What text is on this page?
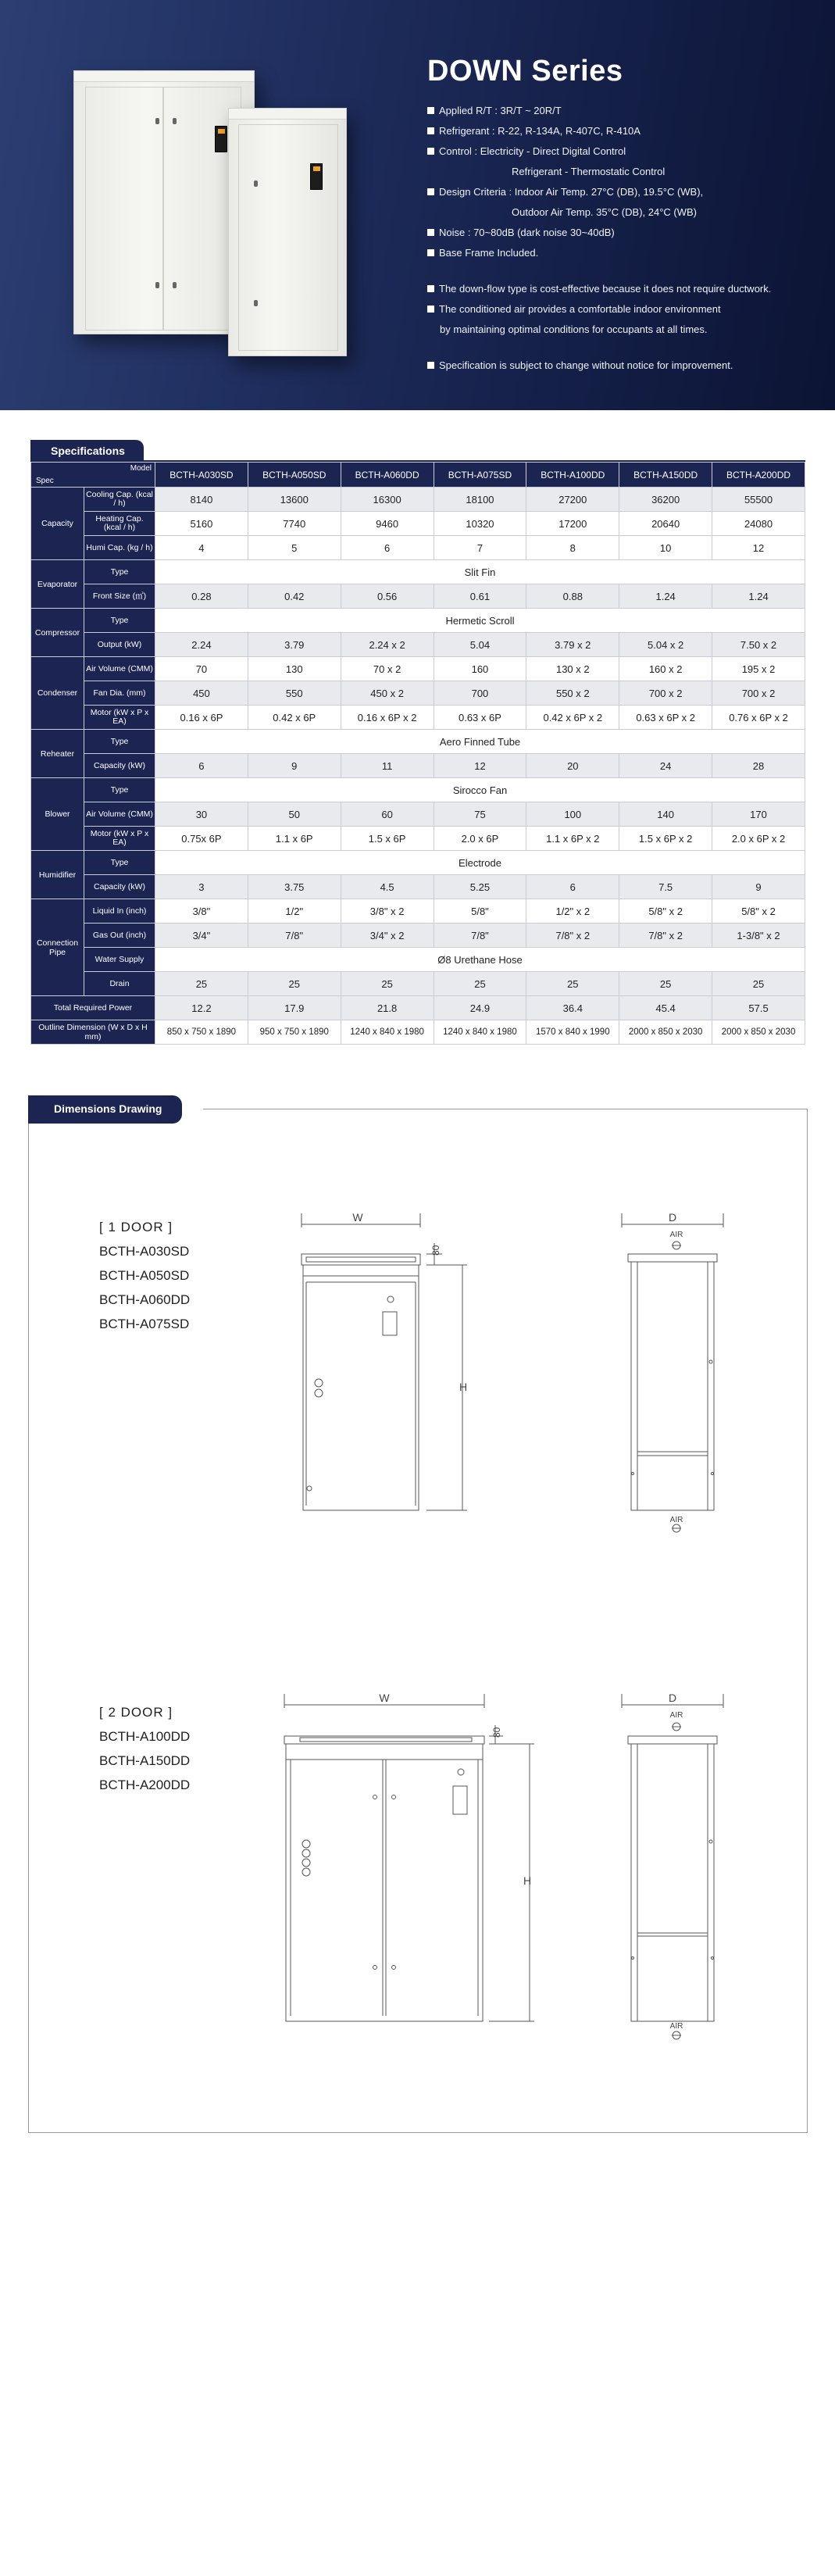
DOWN Series
Applied R/T : 3R/T ~ 20R/T
Refrigerant : R-22, R-134A, R-407C, R-410A
Control : Electricity - Direct Digital Control
Refrigerant - Thermostatic Control
Design Criteria : Indoor Air Temp. 27°C (DB), 19.5°C (WB),
Outdoor Air Temp. 35°C (DB), 24°C (WB)
Noise : 70~80dB (dark noise 30~40dB)
Base Frame Included.
The down-flow type is cost-effective because it does not require ductwork.
The conditioned air provides a comfortable indoor environment
by maintaining optimal conditions for occupants at all times.
Specification is subject to change without notice for improvement.
Specifications
Model
Spec		BCTH-A030SD	BCTH-A050SD	BCTH-A060DD	BCTH-A075SD	BCTH-A100DD	BCTH-A150DD	BCTH-A200DD
Capacity	Cooling Cap. (kcal / h)	8140	13600	16300	18100	27200	36200	55500
	Heating Cap. (kcal / h)	5160	7740	9460	10320	17200	20640	24080
	Humi Cap. (kg / h)	4	5	6	7	8	10	12
Evaporator	Type	Slit Fin						
	Front Size (㎡)	0.28	0.42	0.56	0.61	0.88	1.24	1.24
Compressor	Type	Hermetic Scroll						
	Output (kW)	2.24	3.79	2.24 x 2	5.04	3.79 x 2	5.04 x 2	7.50 x 2
Condenser	Air Volume (CMM)	70	130	70 x 2	160	130 x 2	160 x 2	195 x 2
	Fan Dia. (mm)	450	550	450 x 2	700	550 x 2	700 x 2	700 x 2
	Motor (kW x P x EA)	0.16 x 6P	0.42 x 6P	0.16 x 6P x 2	0.63 x 6P	0.42 x 6P x 2	0.63 x 6P x 2	0.76 x 6P x 2
Reheater	Type	Aero Finned Tube						
	Capacity (kW)	6	9	11	12	20	24	28
Blower	Type	Sirocco Fan						
	Air Volume (CMM)	30	50	60	75	100	140	170
	Motor (kW x P x EA)	0.75x 6P	1.1 x 6P	1.5 x 6P	2.0 x 6P	1.1 x 6P x 2	1.5 x 6P x 2	2.0 x 6P x 2
Humidifier	Type	Electrode						
	Capacity (kW)	3	3.75	4.5	5.25	6	7.5	9
Connection Pipe	Liquid In (inch)	3/8"	1/2"	3/8" x 2	5/8"	1/2" x 2	5/8" x 2	5/8" x 2
	Gas Out (inch)	3/4"	7/8"	3/4" x 2	7/8"	7/8" x 2	7/8" x 2	1-3/8" x 2
	Water Supply	Ø8 Urethane Hose						
	Drain	25	25	25	25	25	25	25
Total Required Power		12.2	17.9	21.8	24.9	36.4	45.4	57.5
Outline Dimension (W x D x H mm)		850 x 750 x 1890	950 x 750 x 1890	1240 x 840 x 1980	1240 x 840 x 1980	1570 x 840 x 1990	2000 x 850 x 2030	2000 x 850 x 2030
Dimensions Drawing
[ 1 DOOR ]
BCTH-A030SD
BCTH-A050SD
BCTH-A060DD
BCTH-A075SD
[ 2 DOOR ]
BCTH-A100DD
BCTH-A150DD
BCTH-A200DD
W
80
H
D
AIR
AIR
W
80
H
D
AIR
AIR
